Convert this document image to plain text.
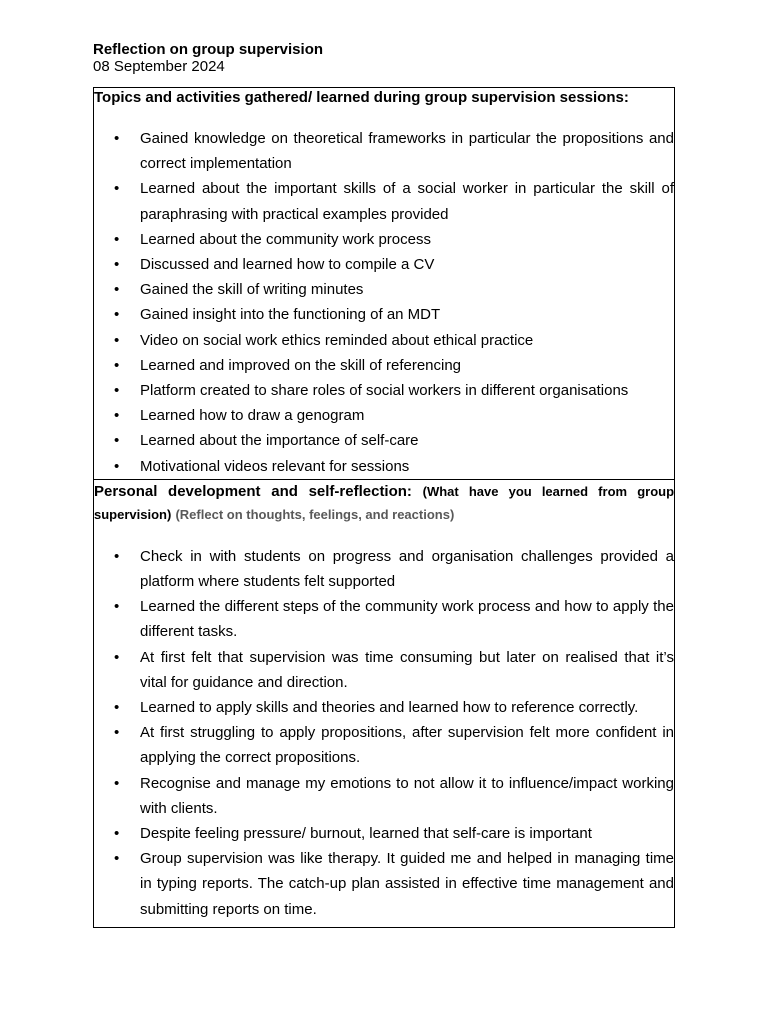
Reflection on group supervision
08 September 2024
Topics and activities gathered/ learned during group supervision sessions:
• Gained knowledge on theoretical frameworks in particular the propositions and correct implementation
• Learned about the important skills of a social worker in particular the skill of paraphrasing with practical examples provided
• Learned about the community work process
• Discussed and learned how to compile a CV
• Gained the skill of writing minutes
• Gained insight into the functioning of an MDT
• Video on social work ethics reminded about ethical practice
• Learned and improved on the skill of referencing
• Platform created to share roles of social workers in different organisations
• Learned how to draw a genogram
• Learned about the importance of self-care
• Motivational videos relevant for sessions
Personal development and self-reflection: (What have you learned from group supervision) (Reflect on thoughts, feelings, and reactions)
• Check in with students on progress and organisation challenges provided a platform where students felt supported
• Learned the different steps of the community work process and how to apply the different tasks.
• At first felt that supervision was time consuming but later on realised that it’s vital for guidance and direction.
• Learned to apply skills and theories and learned how to reference correctly.
• At first struggling to apply propositions, after supervision felt more confident in applying the correct propositions.
• Recognise and manage my emotions to not allow it to influence/impact working with clients.
• Despite feeling pressure/ burnout, learned that self-care is important
• Group supervision was like therapy. It guided me and helped in managing time in typing reports. The catch-up plan assisted in effective time management and submitting reports on time.
